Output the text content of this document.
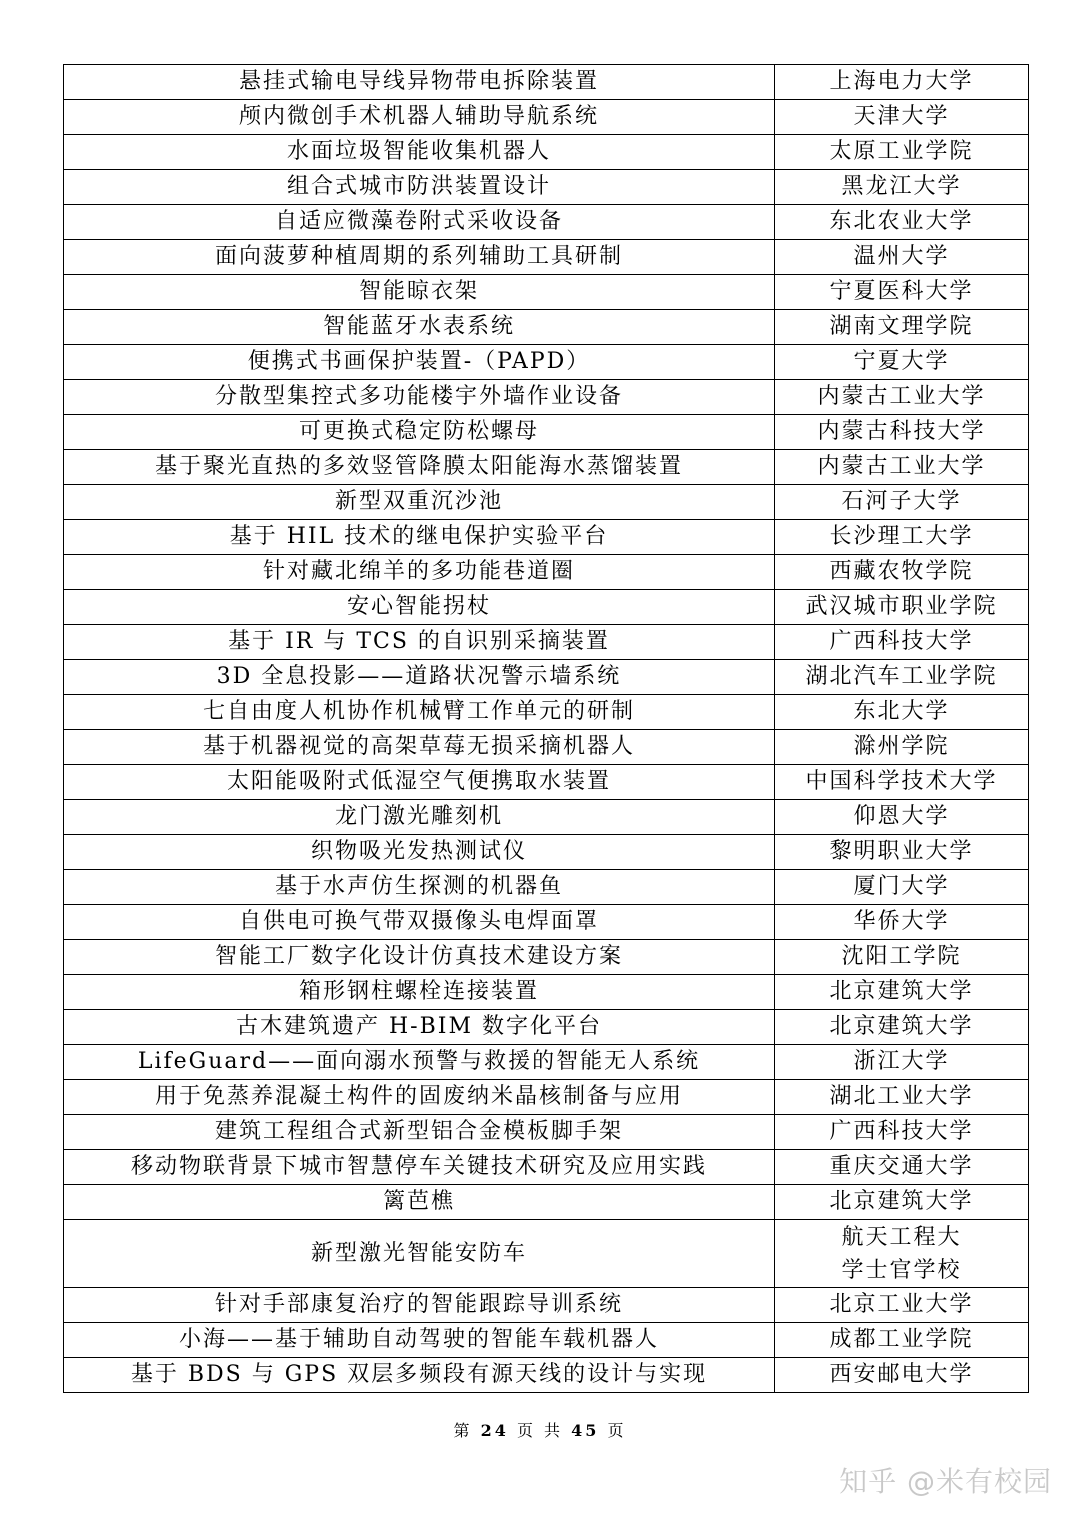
悬挂式输电导线异物带电拆除装置	上海电力大学
颅内微创手术机器人辅助导航系统	天津大学
水面垃圾智能收集机器人	太原工业学院
组合式城市防洪装置设计	黑龙江大学
自适应微藻卷附式采收设备	东北农业大学
面向菠萝种植周期的系列辅助工具研制	温州大学
智能晾衣架	宁夏医科大学
智能蓝牙水表系统	湖南文理学院
便携式书画保护装置-（PAPD）	宁夏大学
分散型集控式多功能楼宇外墙作业设备	内蒙古工业大学
可更换式稳定防松螺母	内蒙古科技大学
基于聚光直热的多效竖管降膜太阳能海水蒸馏装置	内蒙古工业大学
新型双重沉沙池	石河子大学
基于 HIL 技术的继电保护实验平台	长沙理工大学
针对藏北绵羊的多功能巷道圈	西藏农牧学院
安心智能拐杖	武汉城市职业学院
基于 IR 与 TCS 的自识别采摘装置	广西科技大学
3D 全息投影——道路状况警示墙系统	湖北汽车工业学院
七自由度人机协作机械臂工作单元的研制	东北大学
基于机器视觉的高架草莓无损采摘机器人	滁州学院
太阳能吸附式低湿空气便携取水装置	中国科学技术大学
龙门激光雕刻机	仰恩大学
织物吸光发热测试仪	黎明职业大学
基于水声仿生探测的机器鱼	厦门大学
自供电可换气带双摄像头电焊面罩	华侨大学
智能工厂数字化设计仿真技术建设方案	沈阳工学院
箱形钢柱螺栓连接装置	北京建筑大学
古木建筑遗产 H-BIM 数字化平台	北京建筑大学
LifeGuard——面向溺水预警与救援的智能无人系统	浙江大学
用于免蒸养混凝土构件的固废纳米晶核制备与应用	湖北工业大学
建筑工程组合式新型铝合金模板脚手架	广西科技大学
移动物联背景下城市智慧停车关键技术研究及应用实践	重庆交通大学
篱芭樵	北京建筑大学
新型激光智能安防车	航天工程大学士官学校
针对手部康复治疗的智能跟踪导训系统	北京工业大学
小海——基于辅助自动驾驶的智能车载机器人	成都工业学院
基于 BDS 与 GPS 双层多频段有源天线的设计与实现	西安邮电大学
第 24 页 共 45 页
知乎 @米有校园
